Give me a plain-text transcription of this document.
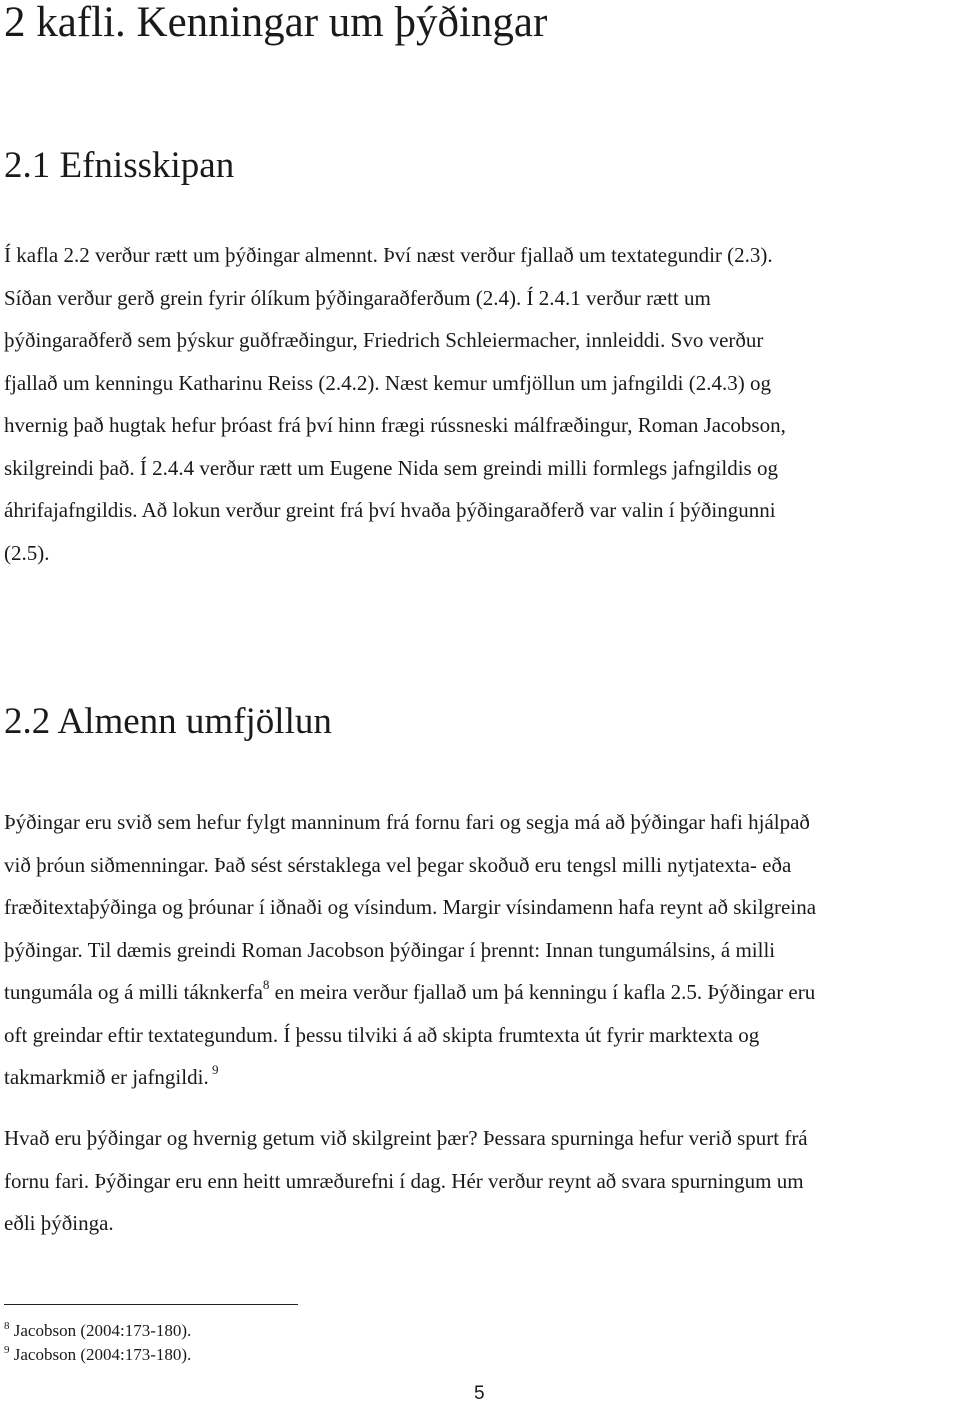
2 kafli. Kenningar um þýðingar
2.1 Efnisskipan

Í kafla 2.2 verður rætt um þýðingar almennt. Því næst verður fjallað um textategundir (2.3).
Síðan verður gerð grein fyrir ólíkum þýðingaraðferðum (2.4). Í 2.4.1 verður rætt um
þýðingaraðferð sem þýskur guðfræðingur, Friedrich Schleiermacher, innleiddi. Svo verður
fjallað um kenningu Katharinu Reiss (2.4.2). Næst kemur umfjöllun um jafngildi (2.4.3) og
hvernig það hugtak hefur þróast frá því hinn frægi rússneski málfræðingur, Roman Jacobson,
skilgreindi það. Í 2.4.4 verður rætt um Eugene Nida sem greindi milli formlegs jafngildis og
áhrifajafngildis. Að lokun verður greint frá því hvaða þýðingaraðferð var valin í þýðingunni
(2.5).

2.2 Almenn umfjöllun

Þýðingar eru svið sem hefur fylgt manninum frá fornu fari og segja má að þýðingar hafi hjálpað
við þróun siðmenningar. Það sést sérstaklega vel þegar skoðuð eru tengsl milli nytjatexta- eða
fræðitextaþýðinga og þróunar í iðnaði og vísindum. Margir vísindamenn hafa reynt að skilgreina
þýðingar. Til dæmis greindi Roman Jacobson þýðingar í þrennt: Innan tungumálsins, á milli
tungumála og á milli táknkerfa$^8$ en meira verður fjallað um þá kenningu í kafla 2.5. Þýðingar eru
oft greindar eftir textategundum. Í þessu tilviki á að skipta frumtexta út fyrir marktexta og
takmarkmið er jafngildi. $^9$

Hvað eru þýðingar og hvernig getum við skilgreint þær? Þessara spurninga hefur verið spurt frá
fornu fari. Þýðingar eru enn heitt umræðurefni í dag. Hér verður reynt að svara spurningum um
eðli þýðinga.

$^8$ Jacobson (2004:173-180).

$^9$ Jacobson (2004:173-180).

5
